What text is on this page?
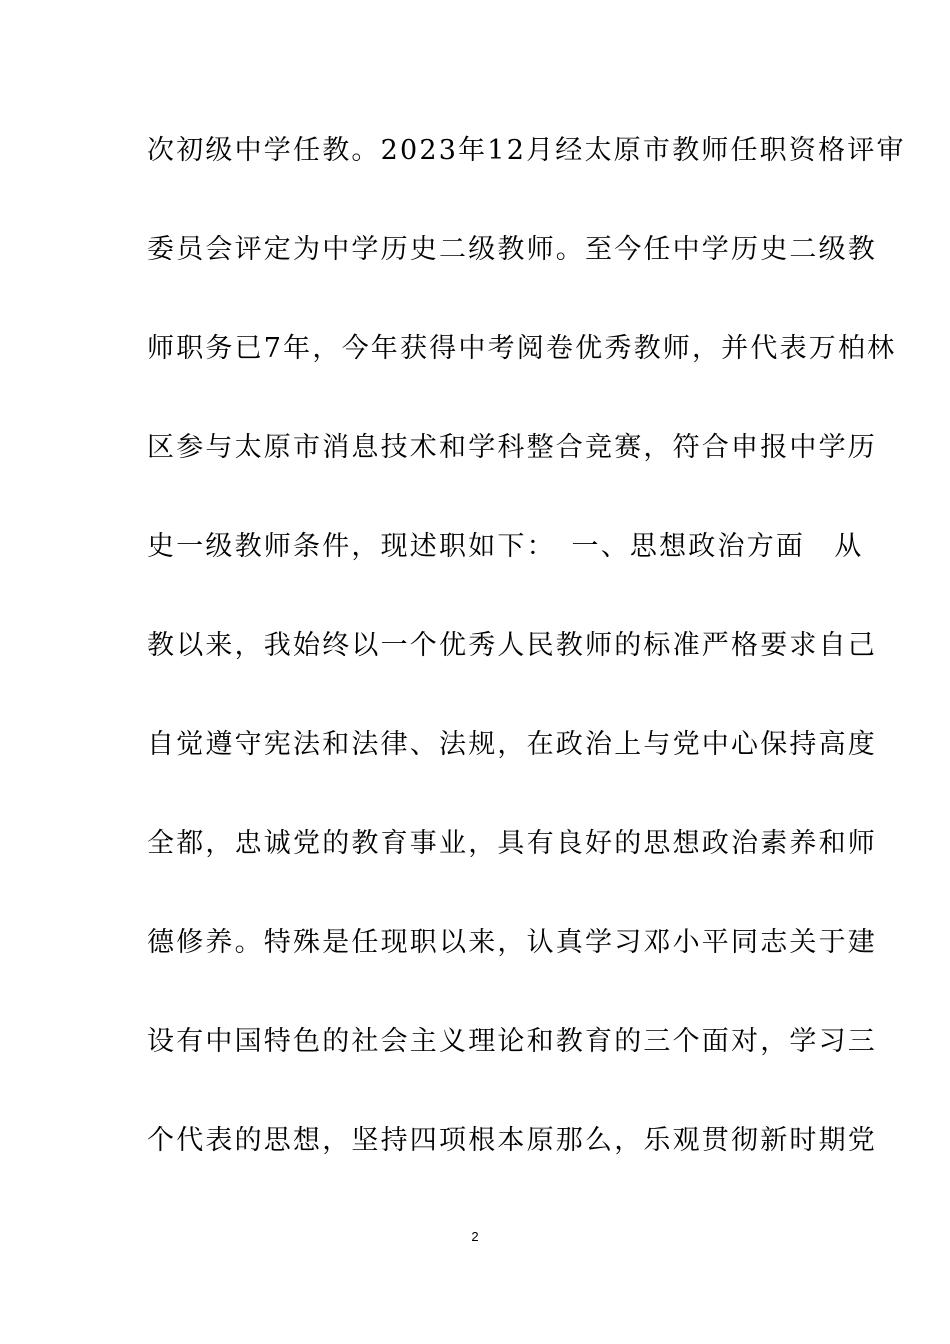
次初级中学任教。2023年12月经太原市教师任职资格评审
委员会评定为中学历史二级教师。至今任中学历史二级教
师职务已7年，今年获得中考阅卷优秀教师，并代表万柏林
区参与太原市消息技术和学科整合竞赛，符合申报中学历
史一级教师条件，现述职如下：　一、思想政治方面　从
教以来，我始终以一个优秀人民教师的标准严格要求自己
自觉遵守宪法和法律、法规，在政治上与党中心保持高度
全都，忠诚党的教育事业，具有良好的思想政治素养和师
德修养。特殊是任现职以来，认真学习邓小平同志关于建
设有中国特色的社会主义理论和教育的三个面对，学习三
个代表的思想，坚持四项根本原那么，乐观贯彻新时期党
2
